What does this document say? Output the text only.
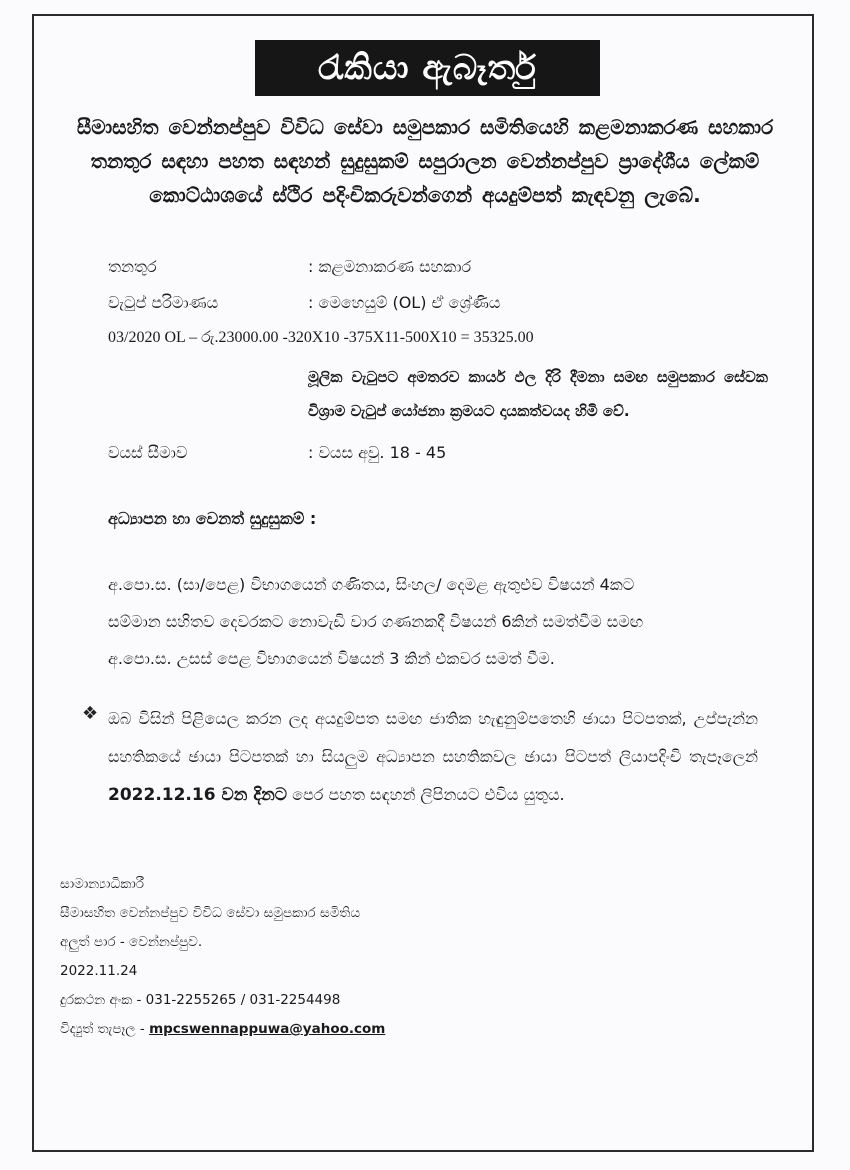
රැකියා ඇබෑර්තු
සීමාසහිත වෙන්නප්පුව විවිධ සේවා සමුපකාර සමිතියෙහි කළමනාකරණ සහකාර තනතුර සඳහා පහත සඳහන් සුදුසුකම් සපුරාලන වෙන්නප්පුව ප්‍රාදේශීය ලේකම් කොට්ඨාශයේ ස්ථිර පදිංචිකරුවන්ගෙන් අයදුම්පත් කැඳවනු ලැබේ.
තනතුර	: කළමනාකරණ සහකාර
වැටුප් පරිමාණය	: මෙහෙයුම් (OL) ඒ ශ්‍රේණිය
03/2020 OL – රු.23000.00 -320X10 -375X11-500X10 = 35325.00
මූලික වැටුපට අමතරව කාර්ය ඵල දිරි දීමනා සමඟ සමුපකාර සේවක විශ්‍රාම වැටුප් යෝජනා ක්‍රමයට දායකත්වයද හිමි වේ.
වයස් සීමාව	: වයස අවු. 18 - 45
අධ්‍යාපන හා වෙනත් සුදුසුකම් :
අ.පො.ස. (සා/පෙළ) විභාගයෙන් ගණිතය, සිංහල/ දෙමළ ඇතුළුව විෂයන් 4කට
සම්මාන සහිතව දෙවරකට නොවැඩි වාර ගණනකදී විෂයන් 6කින් සමත්වීම සමඟ
අ.පො.ස. උසස් පෙළ විභාගයෙන් විෂයන් 3 කින් එකවර සමත් වීම.
❖ ඔබ විසින් පිළියෙල කරන ලද අයදුම්පත සමඟ ජාතික හැඳුනුම්පතෙහි ඡායා පිටපතක්, උප්පැන්න සහතිකයේ ඡායා පිටපතක් හා සියලුම අධ්‍යාපන සහතිකවල ඡායා පිටපත් ලියාපදිංචි තැපෑලෙන් 2022.12.16 වන දිනට පෙර පහත සඳහන් ලිපිනයට එවිය යුතුය.
සාමාන්‍යාධිකාරී
සීමාසහිත වෙන්නප්පුව විවිධ සේවා සමුපකාර සමිතිය
අලුත් පාර - වෙන්නප්පුව.
2022.11.24
දුරකථන අංක - 031-2255265 / 031-2254498
විද්‍යුත් තැපෑල - mpcswennappuwa@yahoo.com
